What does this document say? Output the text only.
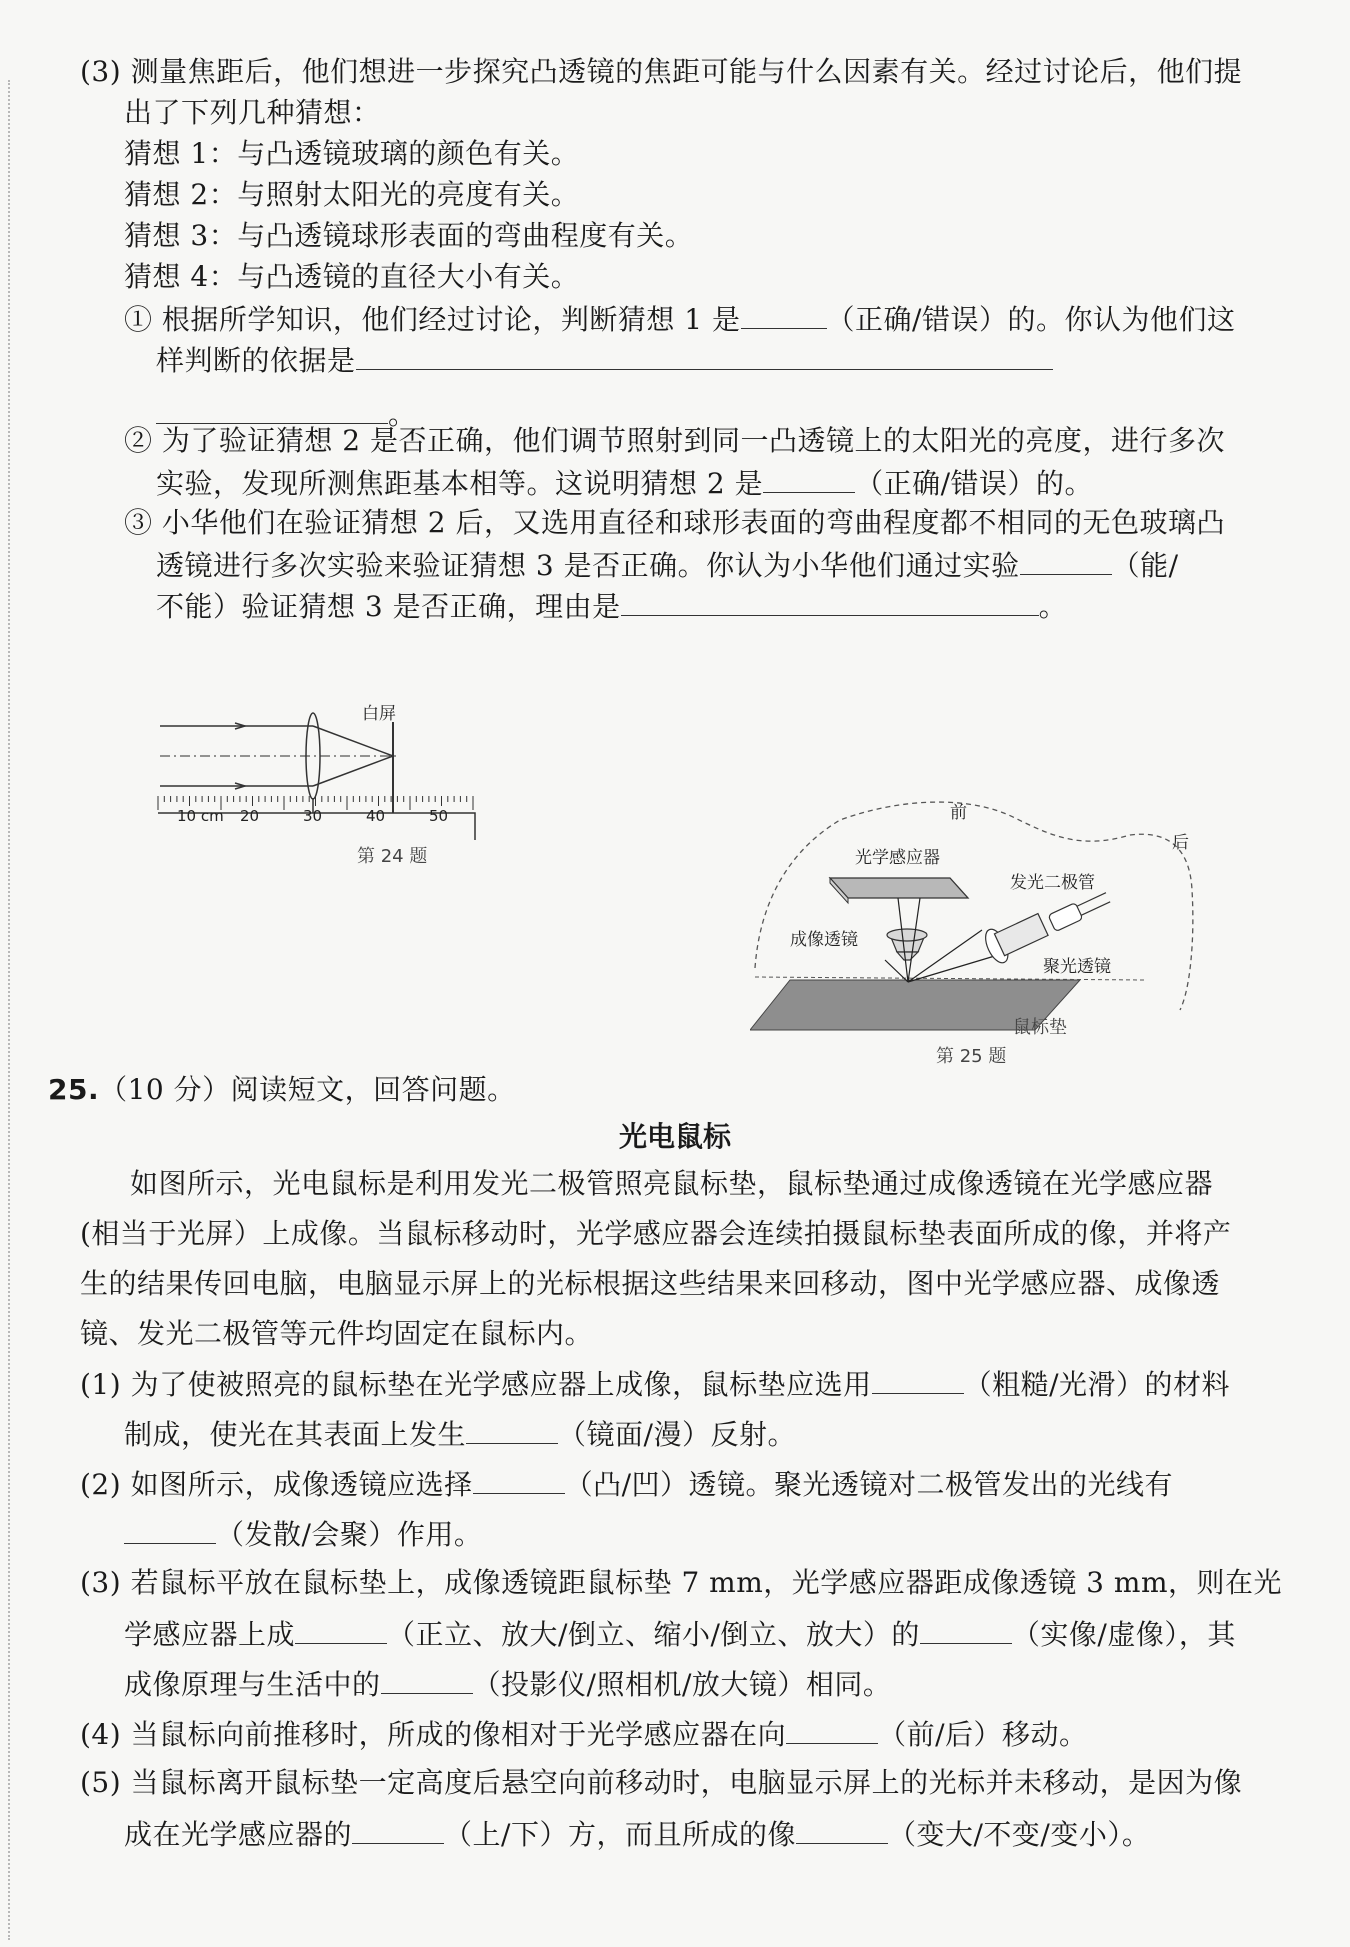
(3) 测量焦距后，他们想进一步探究凸透镜的焦距可能与什么因素有关。经过讨论后，他们提
出了下列几种猜想：
猜想 1：与凸透镜玻璃的颜色有关。
猜想 2：与照射太阳光的亮度有关。
猜想 3：与凸透镜球形表面的弯曲程度有关。
猜想 4：与凸透镜的直径大小有关。
① 根据所学知识，他们经过讨论，判断猜想 1 是	（正确/错误）的。你认为他们这
样判断的依据是
。
② 为了验证猜想 2 是否正确，他们调节照射到同一凸透镜上的太阳光的亮度，进行多次
实验，发现所测焦距基本相等。这说明猜想 2 是	（正确/错误）的。
③ 小华他们在验证猜想 2 后，又选用直径和球形表面的弯曲程度都不相同的无色玻璃凸
透镜进行多次实验来验证猜想 3 是否正确。你认为小华他们通过实验	（能/
不能）验证猜想 3 是否正确，理由是	。
白屏
10 cm 20	30	40	50
第 24 题
前
后
光学感应器
发光二极管
成像透镜
聚光透镜
鼠标垫
第 25 题
25.（10 分）阅读短文，回答问题。
光电鼠标
如图所示，光电鼠标是利用发光二极管照亮鼠标垫，鼠标垫通过成像透镜在光学感应器
(相当于光屏）上成像。当鼠标移动时，光学感应器会连续拍摄鼠标垫表面所成的像，并将产
生的结果传回电脑，电脑显示屏上的光标根据这些结果来回移动，图中光学感应器、成像透
镜、发光二极管等元件均固定在鼠标内。
(1) 为了使被照亮的鼠标垫在光学感应器上成像，鼠标垫应选用	（粗糙/光滑）的材料
制成，使光在其表面上发生	（镜面/漫）反射。
(2) 如图所示，成像透镜应选择	（凸/凹）透镜。聚光透镜对二极管发出的光线有
（发散/会聚）作用。
(3) 若鼠标平放在鼠标垫上，成像透镜距鼠标垫 7 mm，光学感应器距成像透镜 3 mm，则在光
学感应器上成	（正立、放大/倒立、缩小/倒立、放大）的	（实像/虚像），其
成像原理与生活中的	（投影仪/照相机/放大镜）相同。
(4) 当鼠标向前推移时，所成的像相对于光学感应器在向	（前/后）移动。
(5) 当鼠标离开鼠标垫一定高度后悬空向前移动时，电脑显示屏上的光标并未移动，是因为像
成在光学感应器的	（上/下）方，而且所成的像	（变大/不变/变小）。
